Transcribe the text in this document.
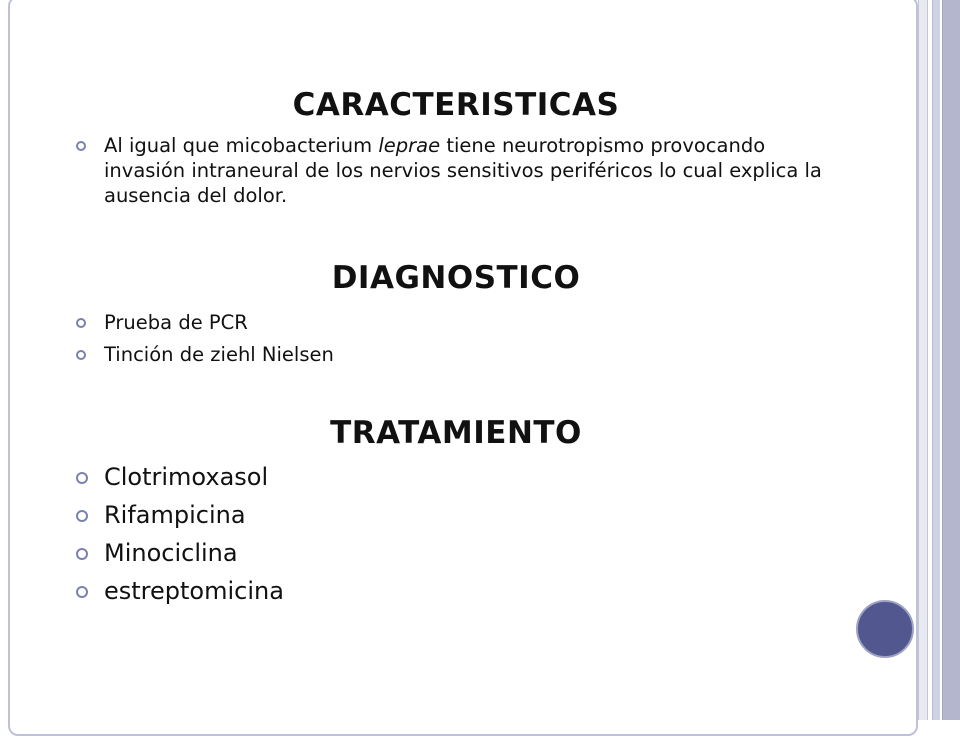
CARACTERISTICAS
Al igual que micobacterium leprae tiene neurotropismo provocando invasión intraneural de los nervios sensitivos periféricos lo cual explica la ausencia del dolor.
DIAGNOSTICO
Prueba de PCR
Tinción de ziehl Nielsen
TRATAMIENTO
Clotrimoxasol
Rifampicina
Minociclina
estreptomicina
